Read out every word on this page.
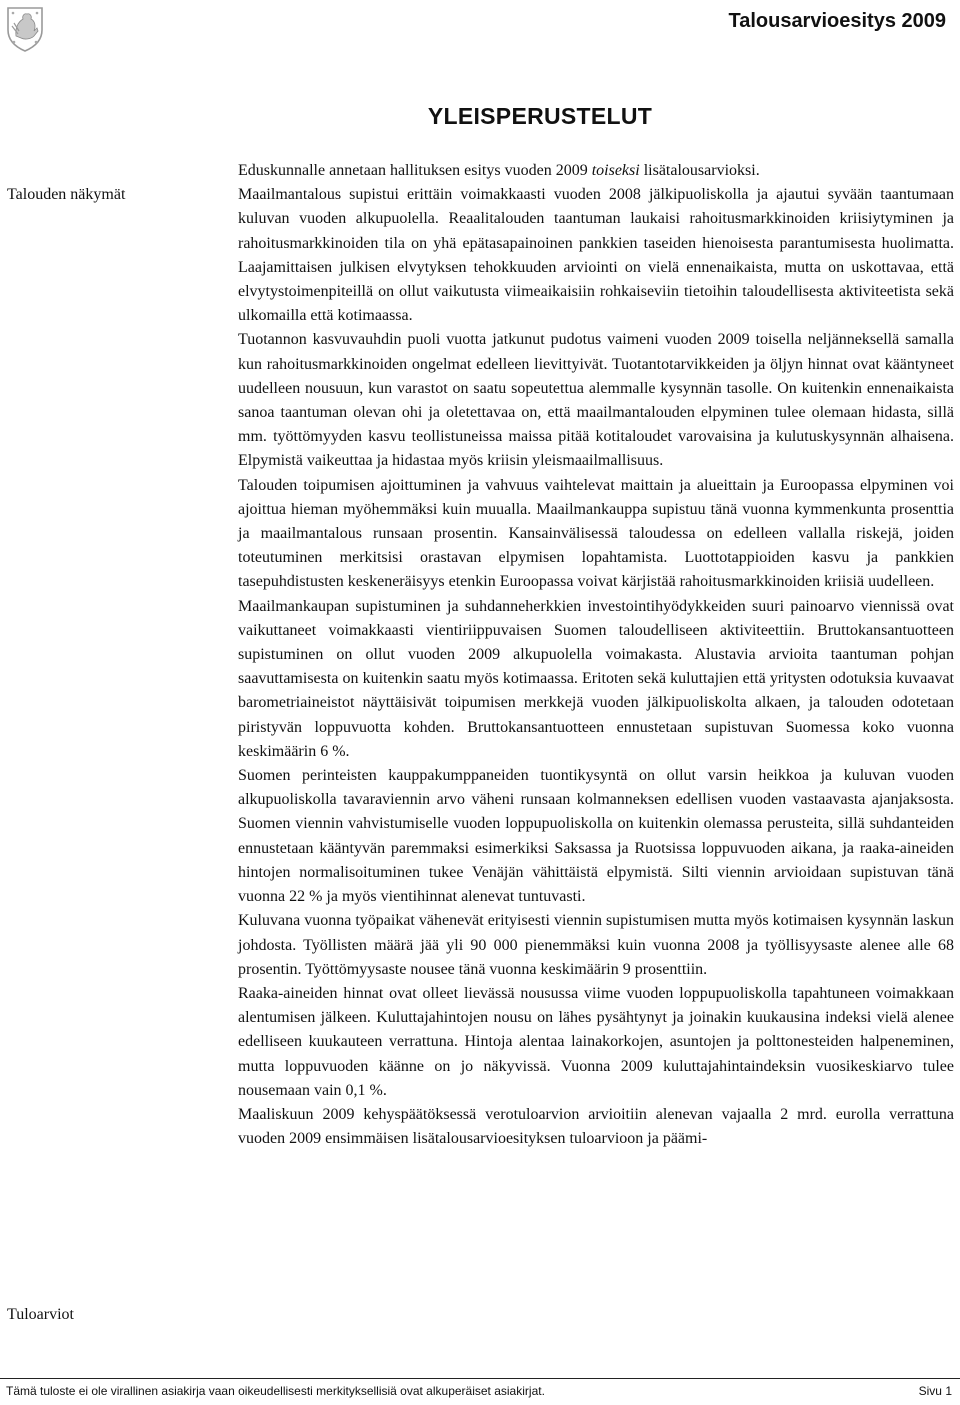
Talousarvioesitys 2009
YLEISPERUSTELUT
Talouden näkymät
Tuloarviot

Eduskunnalle annetaan hallituksen esitys vuoden 2009 toiseksi lisätalousarvioksi.

Maailmantalous supistui erittäin voimakkaasti vuoden 2008 jälkipuoliskolla ja ajautui syvään taantumaan kuluvan vuoden alkupuolella. Reaalitalouden taantuman laukaisi rahoitusmarkkinoiden kriisiytyminen ja rahoitusmarkkinoiden tila on yhä epätasapainoinen pankkien taseiden hienoisesta parantumisesta huolimatta. Laajamittaisen julkisen elvytyksen tehokkuuden arviointi on vielä ennenaikaista, mutta on uskottavaa, että elvytystoimenpiteillä on ollut vaikutusta viimeaikaisiin rohkaiseviin tietoihin taloudellisesta aktiviteetista sekä ulkomailla että kotimaassa.

Tuotannon kasvuvauhdin puoli vuotta jatkunut pudotus vaimeni vuoden 2009 toisella neljänneksellä samalla kun rahoitusmarkkinoiden ongelmat edelleen lievittyivät. Tuotantotarvikkeiden ja öljyn hinnat ovat kääntyneet uudelleen nousuun, kun varastot on saatu sopeutettua alemmalle kysynnän tasolle. On kuitenkin ennenaikaista sanoa taantuman olevan ohi ja oletettavaa on, että maailmantalouden elpyminen tulee olemaan hidasta, sillä mm. työttömyyden kasvu teollistuneissa maissa pitää kotitaloudet varovaisina ja kulutuskysynnän alhaisena. Elpymistä vaikeuttaa ja hidastaa myös kriisin yleismaailmallisuus.

Talouden toipumisen ajoittuminen ja vahvuus vaihtelevat maittain ja alueittain ja Euroopassa elpyminen voi ajoittua hieman myöhemmäksi kuin muualla. Maailmankauppa supistuu tänä vuonna kymmenkunta prosenttia ja maailmantalous runsaan prosentin. Kansainvälisessä taloudessa on edelleen vallalla riskejä, joiden toteutuminen merkitsisi orastavan elpymisen lopahtamista. Luottotappioiden kasvu ja pankkien tasepuhdistusten keskeneräisyys etenkin Euroopassa voivat kärjistää rahoitusmarkkinoiden kriisiä uudelleen.

Maailmankaupan supistuminen ja suhdanneherkkien investointihyödykkeiden suuri painoarvo viennissä ovat vaikuttaneet voimakkaasti vientiriippuvaisen Suomen taloudelliseen aktiviteettiin. Bruttokansantuotteen supistuminen on ollut vuoden 2009 alkupuolella voimakasta. Alustavia arvioita taantuman pohjan saavuttamisesta on kuitenkin saatu myös kotimaassa. Eritoten sekä kuluttajien että yritysten odotuksia kuvaavat barometriaineistot näyttäisivät toipumisen merkkejä vuoden jälkipuoliskolta alkaen, ja talouden odotetaan piristyvän loppuvuotta kohden. Bruttokansantuotteen ennustetaan supistuvan Suomessa koko vuonna keskimäärin 6 %.

Suomen perinteisten kauppakumppaneiden tuontikysyntä on ollut varsin heikkoa ja kuluvan vuoden alkupuoliskolla tavaraviennin arvo väheni runsaan kolmanneksen edellisen vuoden vastaavasta ajanjaksosta. Suomen viennin vahvistumiselle vuoden loppupuoliskolla on kuitenkin olemassa perusteita, sillä suhdanteiden ennustetaan kääntyvän paremmaksi esimerkiksi Saksassa ja Ruotsissa loppuvuoden aikana, ja raaka-aineiden hintojen normalisoituminen tukee Venäjän vähittäistä elpymistä. Silti viennin arvioidaan supistuvan tänä vuonna 22 % ja myös vientihinnat alenevat tuntuvasti.

Kuluvana vuonna työpaikat vähenevät erityisesti viennin supistumisen mutta myös kotimaisen kysynnän laskun johdosta. Työllisten määrä jää yli 90 000 pienemmäksi kuin vuonna 2008 ja työllisyysaste alenee alle 68 prosentin. Työttömyysaste nousee tänä vuonna keskimäärin 9 prosenttiin.

Raaka-aineiden hinnat ovat olleet lievässä nousussa viime vuoden loppupuoliskolla tapahtuneen voimakkaan alentumisen jälkeen. Kuluttajahintojen nousu on lähes pysähtynyt ja joinakin kuukausina indeksi vielä alenee edelliseen kuukauteen verrattuna. Hintoja alentaa lainakorkojen, asuntojen ja polttonesteiden halpeneminen, mutta loppuvuoden käänne on jo näkyvissä. Vuonna 2009 kuluttajahintaindeksin vuosikeskiarvo tulee nousemaan vain 0,1 %.

Maaliskuun 2009 kehyspäätöksessä verotuloarvion arvioitiin alenevan vajaalla 2 mrd. eurolla verrattuna vuoden 2009 ensimmäisen lisätalousarvioesityksen tuloarvioon ja päämi-

Tämä tuloste ei ole virallinen asiakirja vaan oikeudellisesti merkityksellisiä ovat alkuperäiset asiakirjat.	Sivu 1
